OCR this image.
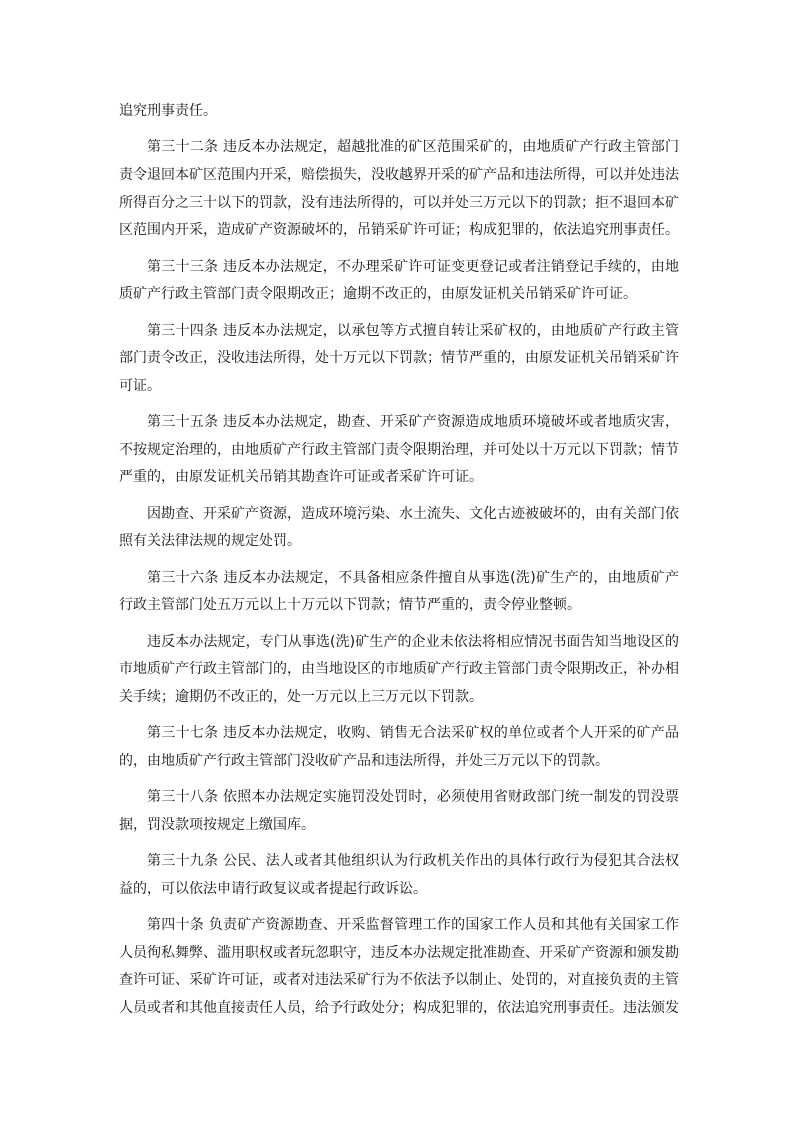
追究刑事责任。

第三十二条 违反本办法规定，超越批准的矿区范围采矿的，由地质矿产行政主管部门责令退回本矿区范围内开采，赔偿损失，没收越界开采的矿产品和违法所得，可以并处违法所得百分之三十以下的罚款，没有违法所得的，可以并处三万元以下的罚款；拒不退回本矿区范围内开采，造成矿产资源破坏的，吊销采矿许可证；构成犯罪的，依法追究刑事责任。

第三十三条 违反本办法规定，不办理采矿许可证变更登记或者注销登记手续的，由地质矿产行政主管部门责令限期改正；逾期不改正的，由原发证机关吊销采矿许可证。

第三十四条 违反本办法规定，以承包等方式擅自转让采矿权的，由地质矿产行政主管部门责令改正，没收违法所得，处十万元以下罚款；情节严重的，由原发证机关吊销采矿许可证。

第三十五条 违反本办法规定，勘查、开采矿产资源造成地质环境破坏或者地质灾害，不按规定治理的，由地质矿产行政主管部门责令限期治理，并可处以十万元以下罚款；情节严重的，由原发证机关吊销其勘查许可证或者采矿许可证。

因勘查、开采矿产资源，造成环境污染、水土流失、文化古迹被破坏的，由有关部门依照有关法律法规的规定处罚。

第三十六条 违反本办法规定，不具备相应条件擅自从事选(洗)矿生产的，由地质矿产行政主管部门处五万元以上十万元以下罚款；情节严重的，责令停业整顿。

违反本办法规定，专门从事选(洗)矿生产的企业未依法将相应情况书面告知当地设区的市地质矿产行政主管部门的，由当地设区的市地质矿产行政主管部门责令限期改正，补办相关手续；逾期仍不改正的，处一万元以上三万元以下罚款。

第三十七条 违反本办法规定，收购、销售无合法采矿权的单位或者个人开采的矿产品的，由地质矿产行政主管部门没收矿产品和违法所得，并处三万元以下的罚款。

第三十八条 依照本办法规定实施罚没处罚时，必须使用省财政部门统一制发的罚没票据，罚没款项按规定上缴国库。

第三十九条 公民、法人或者其他组织认为行政机关作出的具体行政行为侵犯其合法权益的，可以依法申请行政复议或者提起行政诉讼。

第四十条 负责矿产资源勘查、开采监督管理工作的国家工作人员和其他有关国家工作人员徇私舞弊、滥用职权或者玩忽职守，违反本办法规定批准勘查、开采矿产资源和颁发勘查许可证、采矿许可证，或者对违法采矿行为不依法予以制止、处罚的，对直接负责的主管人员或者和其他直接责任人员，给予行政处分；构成犯罪的，依法追究刑事责任。违法颁发
